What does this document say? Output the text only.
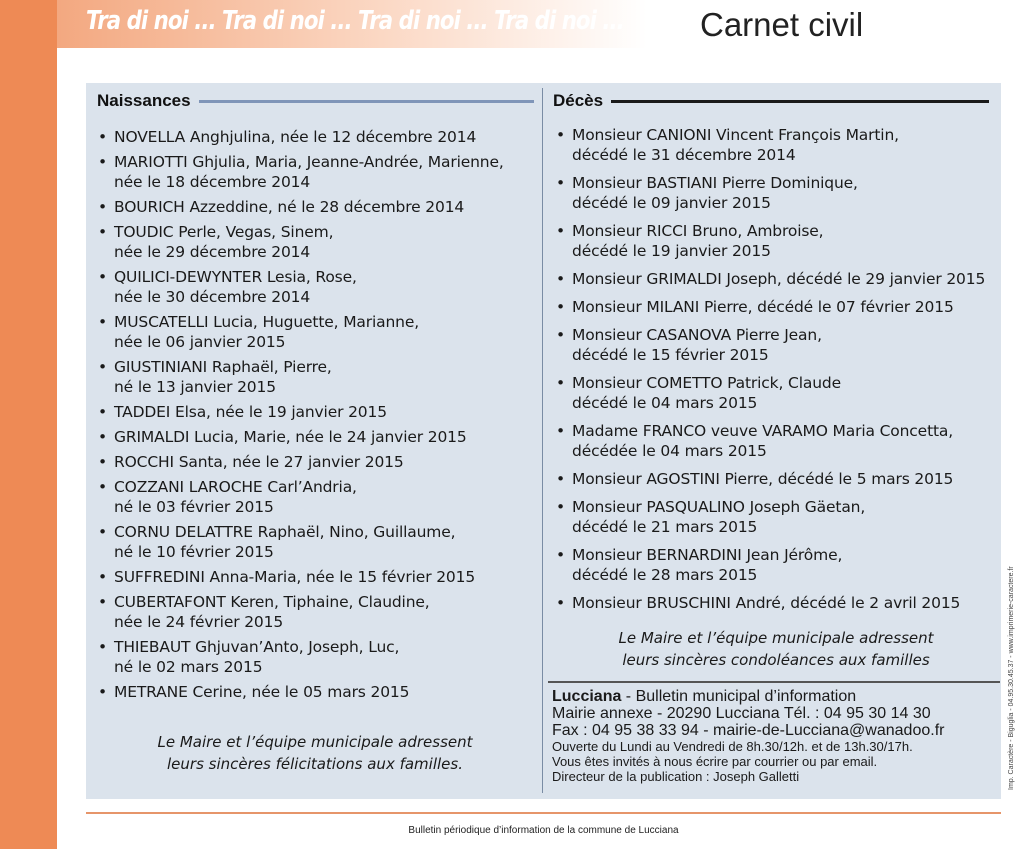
Tra di noi ... Tra di noi ... Tra di noi ... Tra di noi ... Carnet civil
Naissances	Décès
• NOVELLA Anghjulina, née le 12 décembre 2014
• MARIOTTI Ghjulia, Maria, Jeanne-Andrée, Marienne,
née le 18 décembre 2014
• BOURICH Azzeddine, né le 28 décembre 2014
• TOUDIC Perle, Vegas, Sinem,
née le 29 décembre 2014
• QUILICI-DEWYNTER Lesia, Rose,
née le 30 décembre 2014
• MUSCATELLI Lucia, Huguette, Marianne,
née le 06 janvier 2015
• GIUSTINIANI Raphaël, Pierre,
né le 13 janvier 2015
• TADDEI Elsa, née le 19 janvier 2015
• GRIMALDI Lucia, Marie, née le 24 janvier 2015
• ROCCHI Santa, née le 27 janvier 2015
• COZZANI LAROCHE Carl’Andria,
né le 03 février 2015
• CORNU DELATTRE Raphaël, Nino, Guillaume,
né le 10 février 2015
• SUFFREDINI Anna-Maria, née le 15 février 2015
• CUBERTAFONT Keren, Tiphaine, Claudine,
née le 24 février 2015
• THIEBAUT Ghjuvan’Anto, Joseph, Luc,
né le 02 mars 2015
• METRANE Cerine, née le 05 mars 2015
• Monsieur CANIONI Vincent François Martin,
décédé le 31 décembre 2014
• Monsieur BASTIANI Pierre Dominique,
décédé le 09 janvier 2015
• Monsieur RICCI Bruno, Ambroise,
décédé le 19 janvier 2015
• Monsieur GRIMALDI Joseph, décédé le 29 janvier 2015
• Monsieur MILANI Pierre, décédé le 07 février 2015
• Monsieur CASANOVA Pierre Jean,
décédé le 15 février 2015
• Monsieur COMETTO Patrick, Claude
décédé le 04 mars 2015
• Madame FRANCO veuve VARAMO Maria Concetta,
décédée le 04 mars 2015
• Monsieur AGOSTINI Pierre, décédé le 5 mars 2015
• Monsieur PASQUALINO Joseph Gäetan,
décédé le 21 mars 2015
• Monsieur BERNARDINI Jean Jérôme,
décédé le 28 mars 2015
• Monsieur BRUSCHINI André, décédé le 2 avril 2015
Le Maire et l’équipe municipale adressent
leurs sincères félicitations aux familles.
Le Maire et l’équipe municipale adressent
leurs sincères condoléances aux familles
Lucciana - Bulletin municipal d’information
Mairie annexe - 20290 Lucciana Tél. : 04 95 30 14 30
Fax : 04 95 38 33 94 - mairie-de-Lucciana@wanadoo.fr
Ouverte du Lundi au Vendredi de 8h.30/12h. et de 13h.30/17h.
Vous êtes invités à nous écrire par courrier ou par email.
Directeur de la publication : Joseph Galletti	Imp. Caractère - Biguglia - 04.95.30.45.37 - www.imprimerie-caractere.fr
Bulletin périodique d’information de la commune de Lucciana
